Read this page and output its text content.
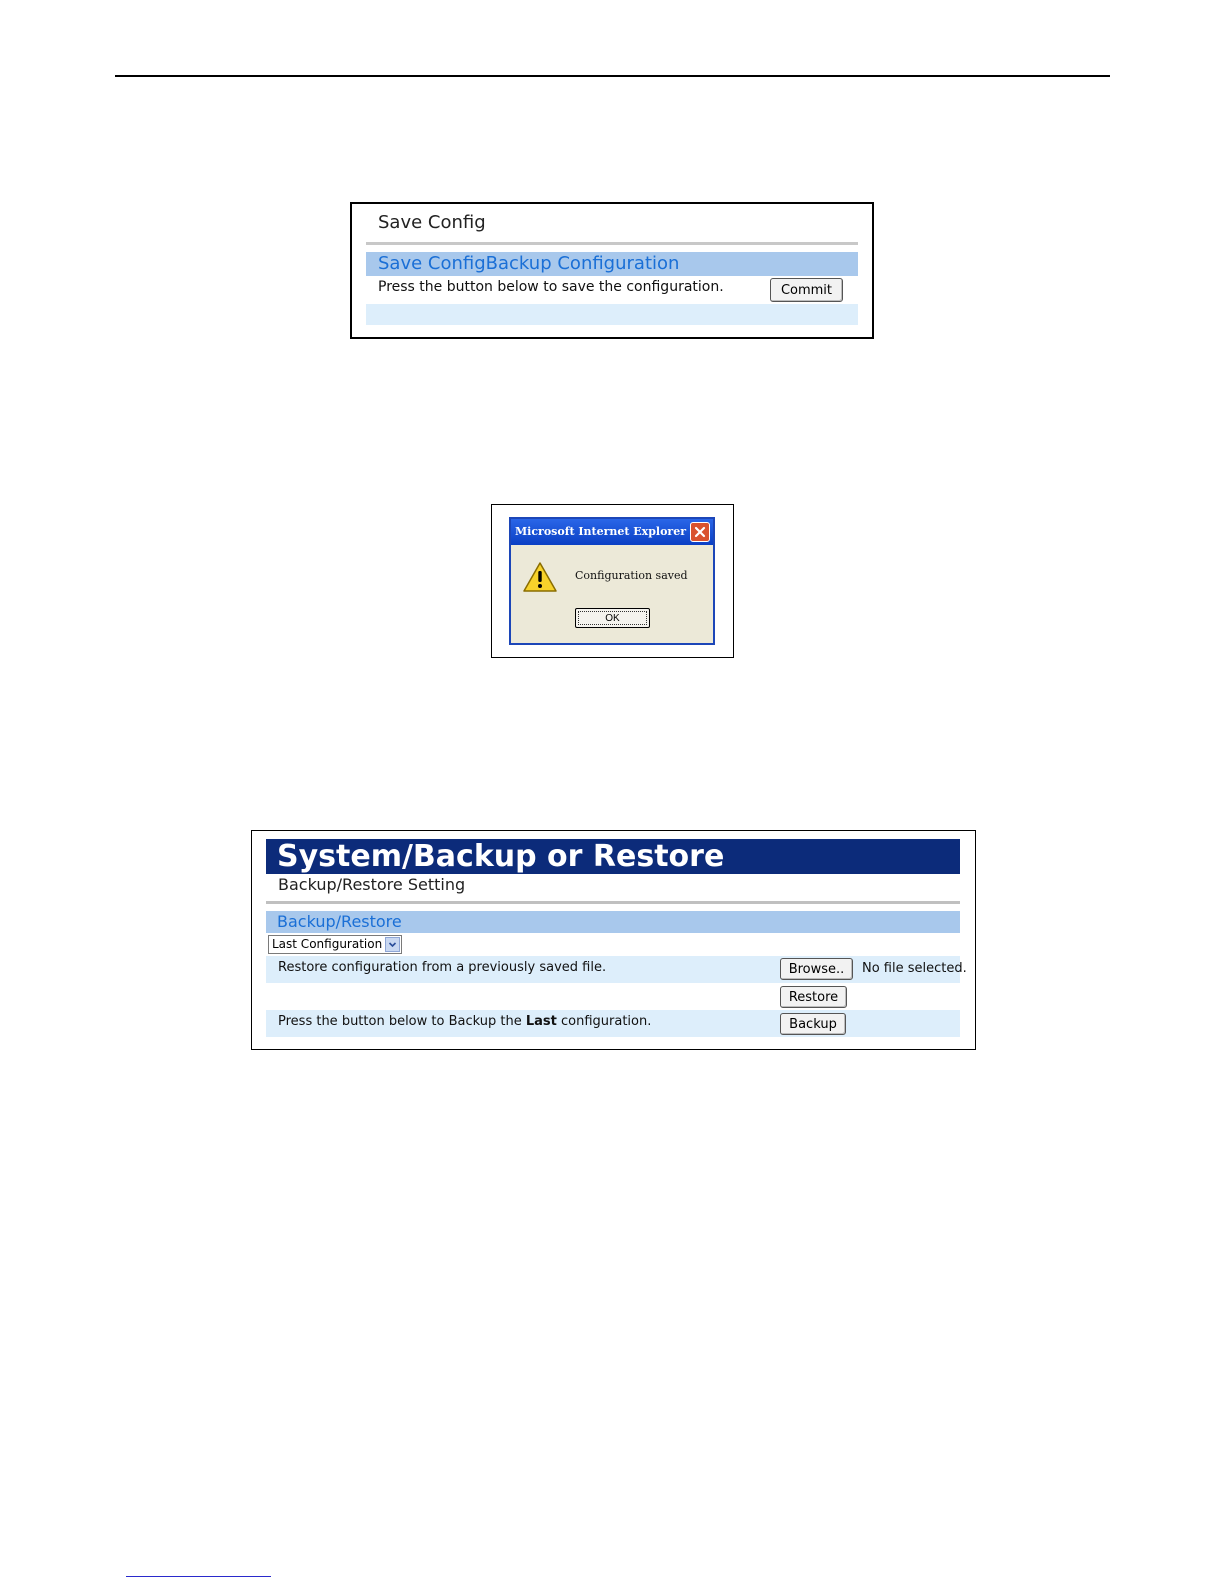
Save Config
Save ConfigBackup Configuration
Press the button below to save the configuration.	Commit
Microsoft Internet Explorer
Configuration saved
OK
System/Backup or Restore
Backup/Restore Setting
Backup/Restore
Last Configuration
Restore configuration from a previously saved file.	Browse..	No file selected.
Restore
Press the button below to Backup the Last configuration.	Backup
